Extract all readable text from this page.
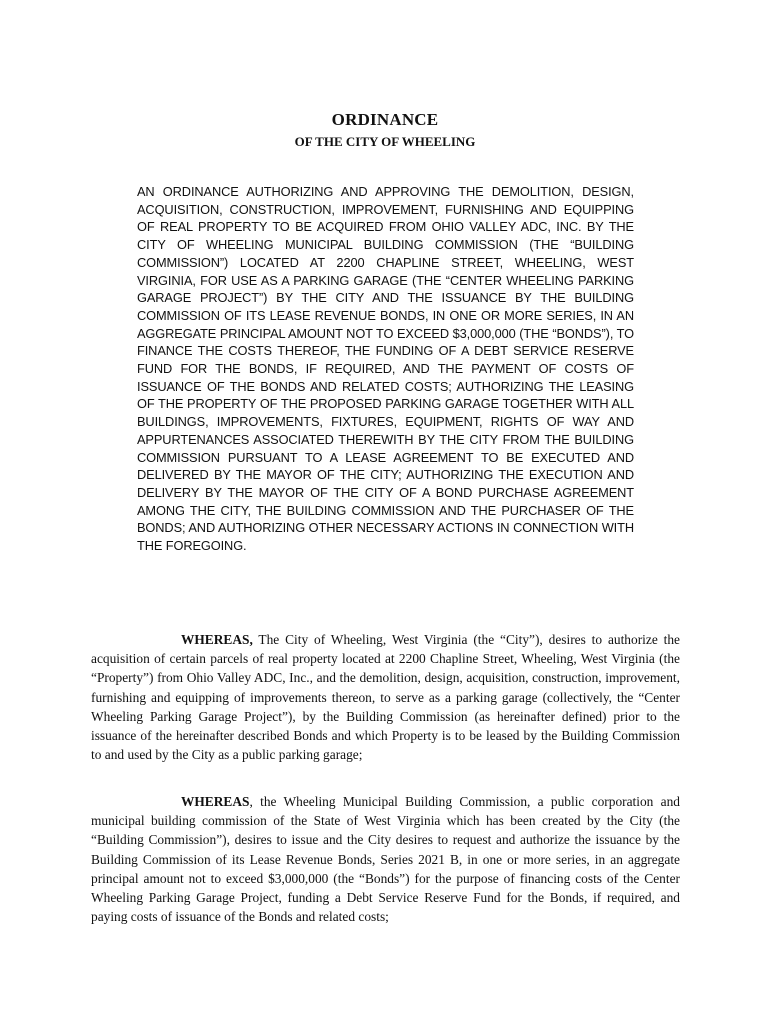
ORDINANCE
OF THE CITY OF WHEELING
AN ORDINANCE AUTHORIZING AND APPROVING THE DEMOLITION, DESIGN, ACQUISITION, CONSTRUCTION, IMPROVEMENT, FURNISHING AND EQUIPPING OF REAL PROPERTY TO BE ACQUIRED FROM OHIO VALLEY ADC, INC. BY THE CITY OF WHEELING MUNICIPAL BUILDING COMMISSION (THE “BUILDING COMMISSION”) LOCATED AT 2200 CHAPLINE STREET, WHEELING, WEST VIRGINIA, FOR USE AS A PARKING GARAGE (THE “CENTER WHEELING PARKING GARAGE PROJECT”) BY THE CITY AND THE ISSUANCE BY THE BUILDING COMMISSION OF ITS LEASE REVENUE BONDS, IN ONE OR MORE SERIES, IN AN AGGREGATE PRINCIPAL AMOUNT NOT TO EXCEED $3,000,000 (THE “BONDS”), TO FINANCE THE COSTS THEREOF, THE FUNDING OF A DEBT SERVICE RESERVE FUND FOR THE BONDS, IF REQUIRED, AND THE PAYMENT OF COSTS OF ISSUANCE OF THE BONDS AND RELATED COSTS; AUTHORIZING THE LEASING OF THE PROPERTY OF THE PROPOSED PARKING GARAGE TOGETHER WITH ALL BUILDINGS, IMPROVEMENTS, FIXTURES, EQUIPMENT, RIGHTS OF WAY AND APPURTENANCES ASSOCIATED THEREWITH BY THE CITY FROM THE BUILDING COMMISSION PURSUANT TO A LEASE AGREEMENT TO BE EXECUTED AND DELIVERED BY THE MAYOR OF THE CITY; AUTHORIZING THE EXECUTION AND DELIVERY BY THE MAYOR OF THE CITY OF A BOND PURCHASE AGREEMENT AMONG THE CITY, THE BUILDING COMMISSION AND THE PURCHASER OF THE BONDS; AND AUTHORIZING OTHER NECESSARY ACTIONS IN CONNECTION WITH THE FOREGOING.

WHEREAS, The City of Wheeling, West Virginia (the “City”), desires to authorize the acquisition of certain parcels of real property located at 2200 Chapline Street, Wheeling, West Virginia (the “Property”) from Ohio Valley ADC, Inc., and the demolition, design, acquisition, construction, improvement, furnishing and equipping of improvements thereon, to serve as a parking garage (collectively, the “Center Wheeling Parking Garage Project”), by the Building Commission (as hereinafter defined) prior to the issuance of the hereinafter described Bonds and which Property is to be leased by the Building Commission to and used by the City as a public parking garage;

WHEREAS, the Wheeling Municipal Building Commission, a public corporation and municipal building commission of the State of West Virginia which has been created by the City (the “Building Commission”), desires to issue and the City desires to request and authorize the issuance by the Building Commission of its Lease Revenue Bonds, Series 2021 B, in one or more series, in an aggregate principal amount not to exceed $3,000,000 (the “Bonds”) for the purpose of financing costs of the Center Wheeling Parking Garage Project, funding a Debt Service Reserve Fund for the Bonds, if required, and paying costs of issuance of the Bonds and related costs;
